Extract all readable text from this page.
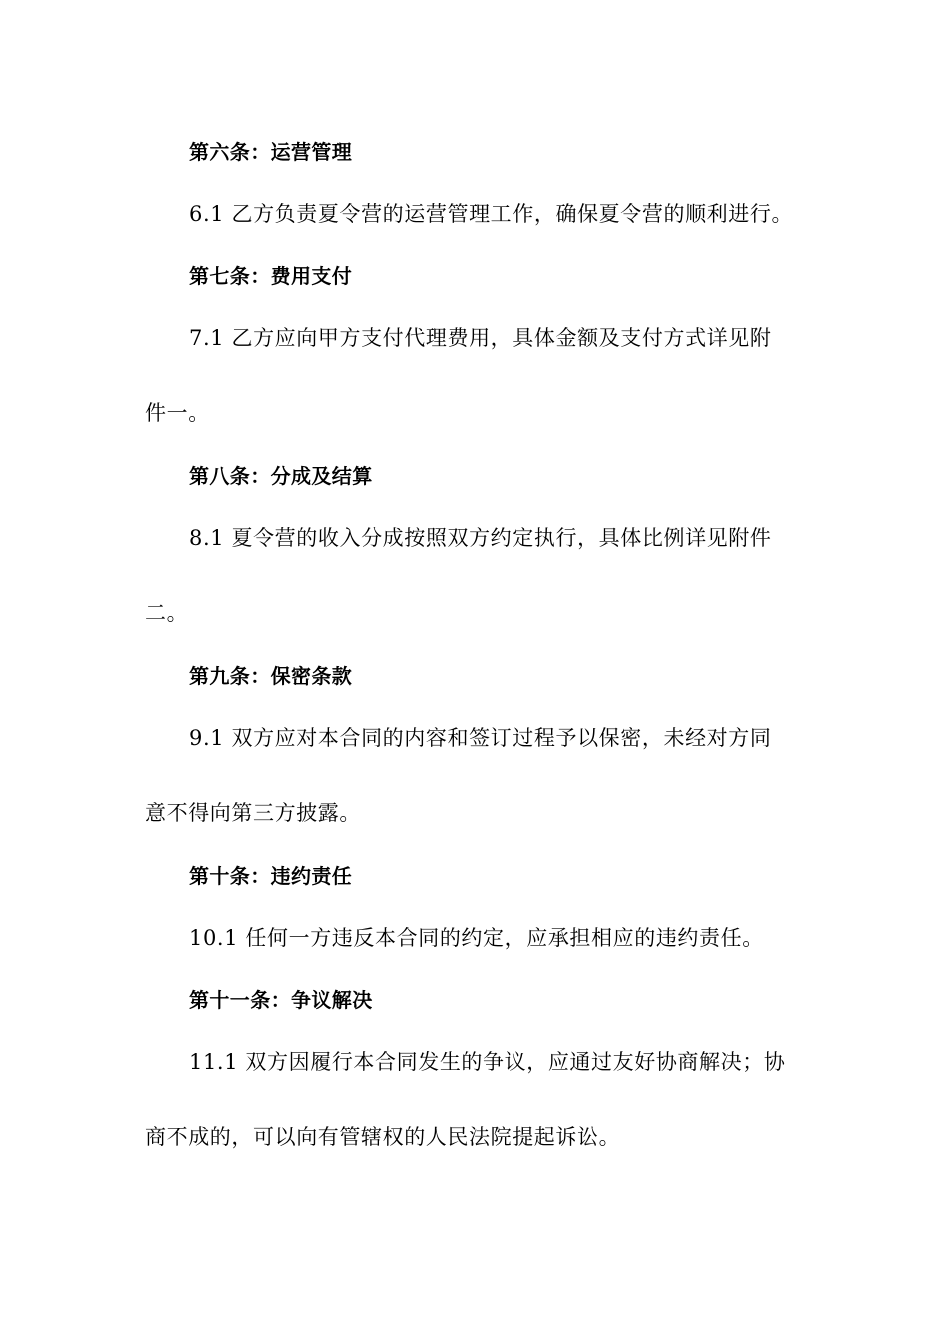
第六条：运营管理

6.1 乙方负责夏令营的运营管理工作，确保夏令营的顺利进行。

第七条：费用支付

7.1 乙方应向甲方支付代理费用，具体金额及支付方式详见附

件一。

第八条：分成及结算

8.1 夏令营的收入分成按照双方约定执行，具体比例详见附件

二。

第九条：保密条款

9.1 双方应对本合同的内容和签订过程予以保密，未经对方同

意不得向第三方披露。

第十条：违约责任

10.1 任何一方违反本合同的约定，应承担相应的违约责任。

第十一条：争议解决

11.1 双方因履行本合同发生的争议，应通过友好协商解决；协

商不成的，可以向有管辖权的人民法院提起诉讼。
